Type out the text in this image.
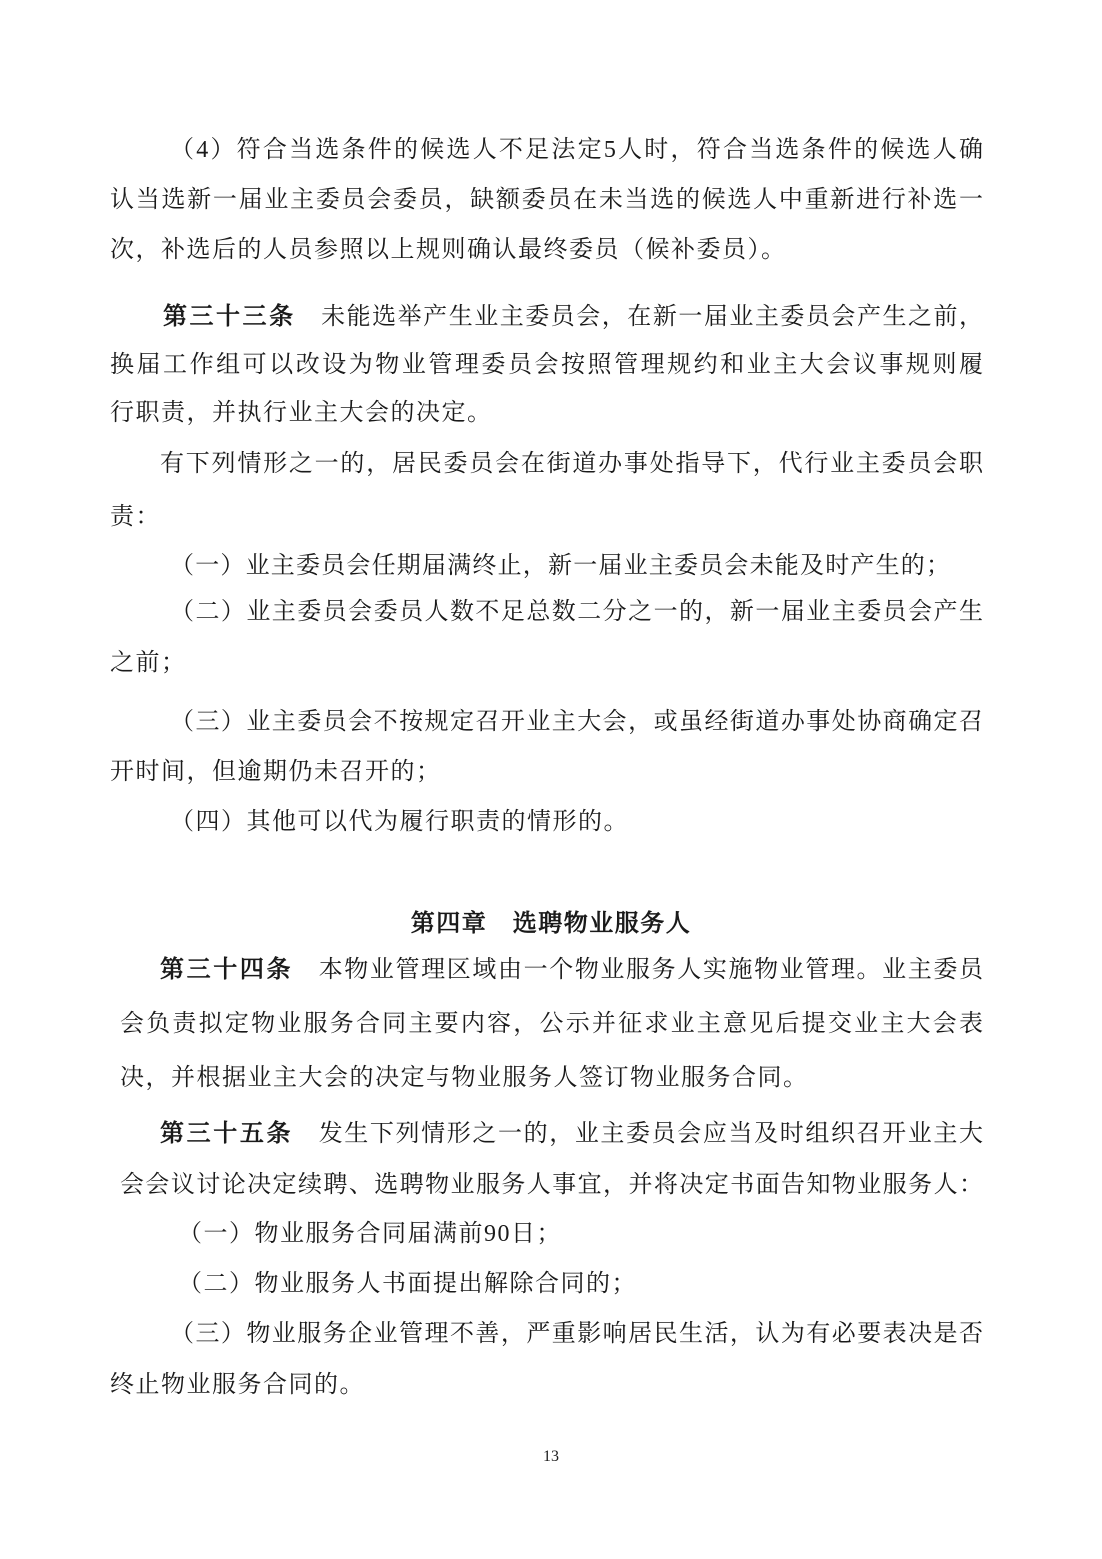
（4）符合当选条件的候选人不足法定5人时，符合当选条件的候选人确
认当选新一届业主委员会委员，缺额委员在未当选的候选人中重新进行补选一
次，补选后的人员参照以上规则确认最终委员（候补委员）。
第三十三条　未能选举产生业主委员会，在新一届业主委员会产生之前，
换届工作组可以改设为物业管理委员会按照管理规约和业主大会议事规则履
行职责，并执行业主大会的决定。
有下列情形之一的，居民委员会在街道办事处指导下，代行业主委员会职
责：
（一）业主委员会任期届满终止，新一届业主委员会未能及时产生的；
（二）业主委员会委员人数不足总数二分之一的，新一届业主委员会产生
之前；
（三）业主委员会不按规定召开业主大会，或虽经街道办事处协商确定召
开时间，但逾期仍未召开的；
（四）其他可以代为履行职责的情形的。
第四章　选聘物业服务人
第三十四条　本物业管理区域由一个物业服务人实施物业管理。业主委员
会负责拟定物业服务合同主要内容，公示并征求业主意见后提交业主大会表
决，并根据业主大会的决定与物业服务人签订物业服务合同。
第三十五条　发生下列情形之一的，业主委员会应当及时组织召开业主大
会会议讨论决定续聘、选聘物业服务人事宜，并将决定书面告知物业服务人：
（一）物业服务合同届满前90日；
（二）物业服务人书面提出解除合同的；
（三）物业服务企业管理不善，严重影响居民生活，认为有必要表决是否
终止物业服务合同的。
13
